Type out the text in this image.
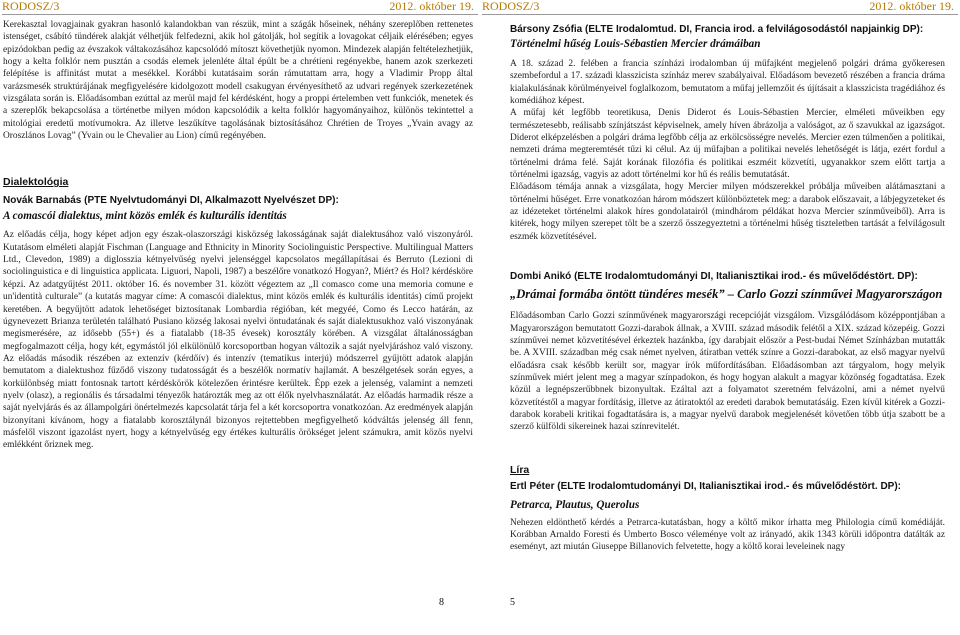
RODOSZ/3	2012. október 19.

Kerekasztal lovagjainak gyakran hasonló kalandokban van részük, mint a szágák hőseinek, néhány szereplőben rettenetes istenséget, csábító tündérek alakját vélhetjük felfedezni, akik hol gátolják, hol segítik a lovagokat céljaik elérésében; egyes epizódokban pedig az évszakok váltakozásához kapcsolódó mítoszt követhetjük nyomon. Mindezek alapján feltételezhetjük, hogy a kelta folklór nem pusztán a csodás elemek jelenléte által épült be a chrétieni regényekbe, hanem azok szerkezeti felépítése is affinitást mutat a mesékkel. Korábbi kutatásaim során rámutattam arra, hogy a Vladimir Propp által varázsmesék struktúrájának megfigyelésére kidolgozott modell csakugyan érvényesíthető az udvari regények szerkezetének vizsgálata során is. Előadásomban ezúttal az merül majd fel kérdésként, hogy a proppi értelemben vett funkciók, menetek és a szereplők bekapcsolása a történetbe milyen módon kapcsolódik a kelta folklór hagyományaihoz, különös tekintettel a mitológiai eredetű motívumokra. Az illetve leszűkítve tagolásának biztosításához Chrétien de Troyes „Yvain avagy az Oroszlános Lovag” (Yvain ou le Chevalier au Lion) című regényében.

Dialektológia

Novák Barnabás (PTE Nyelvtudományi DI, Alkalmazott Nyelvészet DP):

A comascói dialektus, mint közös emlék és kulturális identitás

Az előadás célja, hogy képet adjon egy észak-olaszországi kisközség lakosságának saját dialektusához való viszonyáról. Kutatásom elméleti alapját Fischman (Language and Ethnicity in Minority Sociolinguistic Perspective. Multilingual Matters Ltd., Clevedon, 1989) a diglosszia kétnyelvűség nyelvi jelenséggel kapcsolatos megállapításai és Berruto (Lezioni di sociolinguistica e di linguistica applicata. Liguori, Napoli, 1987) a beszélőre vonatkozó Hogyan?, Miért? és Hol? kérdésköre képzi. Az adatgyűjtést 2011. október 16. és november 31. között végeztem az „Il comasco come una memoria comune e un'identità culturale” (a kutatás magyar címe: A comascói dialektus, mint közös emlék és kulturális identitás) című projekt keretében. A begyűjtött adatok lehetőséget biztosítanak Lombardia régióban, két megyéé, Como és Lecco határán, az úgynevezett Brianza területén található Pusiano község lakosai nyelvi öntudatának és saját dialektusukhoz való viszonyának megismerésére, az idősebb (55+) és a fiatalabb (18-35 évesek) korosztály körében. A vizsgálat általánosságban megfogalmazott célja, hogy két, egymástól jól elkülönülő korcsoportban hogyan változik a saját nyelvjáráshoz való viszony. Az előadás második részében az extenzív (kérdőív) és intenzív (tematikus interjú) módszerrel gyűjtött adatok alapján bemutatom a dialektushoz fűződő viszony tudatosságát és a beszélők normatív hajlamát. A beszélgetések során egyes, a korkülönbség miatt fontosnak tartott kérdéskörök kötelezően érintésre kerültek. Épp ezek a jelenség, valamint a nemzeti nyelv (olasz), a regionális és társadalmi tényezők határozták meg az ott élők nyelvhasználatát. Az előadás harmadik része a saját nyelvjárás és az állampolgári önértelmezés kapcsolatát tárja fel a két korcsoportra vonatkozóan. Az eredmények alapján bizonyítani kívánom, hogy a fiatalabb korosztálynál bizonyos rejtettebben megfigyelhető kódváltás jelenség áll fenn, másfelől viszont igazolást nyert, hogy a kétnyelvűség egy értékes kulturális örökséget jelent számukra, amit közös nyelvi emlékként őriznek meg.

8
RODOSZ/3	2012. október 19.

Bársony Zsófia (ELTE Irodalomtud. DI, Francia irod. a felvilágosodástól napjainkig DP):

Történelmi hűség Louis-Sébastien Mercier drámáiban

A 18. század 2. felében a francia színházi irodalomban új műfajként megjelenő polgári dráma győkeresen szembefordul a 17. századi klasszicista színház merev szabályaival. Előadásom bevezető részében a francia dráma kialakulásának körülményeivel foglalkozom, bemutatom a műfaj jellemzőit és újításait a klasszicista tragédiához és komédiához képest.

A műfaj két legfőbb teoretikusa, Denis Diderot és Louis-Sébastien Mercier, elméleti műveikben egy természetesebb, reálisabb színjátszást képviselnek, amely híven ábrázolja a valóságot, az ő szavukkal az igazságot. Diderot elképzelésben a polgári dráma legfőbb célja az erkölcsösségre nevelés. Mercier ezen túlmenően a politikai, nemzeti dráma megteremtését tűzi ki célul. Az új műfajban a politikai nevelés lehetőségét is látja, ezért fordul a történelmi dráma felé. Saját korának filozófia és politikai eszméit közvetíti, ugyanakkor szem előtt tartja a történelmi igazság, vagyis az adott történelmi kor hű és reális bemutatását.

Előadásom témája annak a vizsgálata, hogy Mercier milyen módszerekkel próbálja műveiben alátámasztani a történelmi hűséget. Erre vonatkozóan három módszert különböztetek meg: a darabok előszavait, a lábjegyzeteket és az idézeteket történelmi alakok híres gondolatairól (mindhárom példákat hozva Mercier színműveiből). Arra is kitérek, hogy milyen szerepet tölt be a szerző összegyeztetni a történelmi hűség tiszteletben tartását a felvilágosult eszmék közvetítésével.

Dombi Anikó (ELTE Irodalomtudományi DI, Italianisztikai irod.- és művelődéstört. DP):

„Drámai formába öntött tündéres mesék” – Carlo Gozzi színművei Magyarországon

Előadásomban Carlo Gozzi színművének magyarországi recepcióját vizsgálom. Vizsgálódásom középpontjában a Magyarországon bemutatott Gozzi-darabok állnak, a XVIII. század második felétől a XIX. század közepéig. Gozzi színművei nemet közvetítésével érkeztek hazánkba, így darabjait először a Pest-budai Német Színházban mutatták be. A XVIII. században még csak német nyelven, átiratban vették színre a Gozzi-darabokat, az első magyar nyelvű előadásra csak később került sor, magyar írók műfordításában. Előadásomban azt tárgyalom, hogy melyik színművek miért jelent meg a magyar színpadokon, és hogy hogyan alakult a magyar közönség fogadtatása. Ezek közül a legnépszerűbbnek bizonyultak. Ezáltal azt a folyamatot szeretném felvázolni, ami a német nyelvű közvetítéstől a magyar fordításig, illetve az átiratoktól az eredeti darabok bemutatásáig. Ezen kívül kitérek a Gozzi-darabok korabeli kritikai fogadtatására is, a magyar nyelvű darabok megjelenését követően több útja szabott be a szerző külföldi sikereinek hazai színrevitelét.

Líra

Ertl Péter (ELTE Irodalomtudományi DI, Italianisztikai irod.- és művelődéstört. DP):

Petrarca, Plautus, Querolus

Nehezen eldönthető kérdés a Petrarca-kutatásban, hogy a költő mikor írhatta meg Philologia című komédiáját. Korábban Arnaldo Foresti és Umberto Bosco véleménye volt az irányadó, akik 1343 körüli időpontra datálták az eseményt, azt miután Giuseppe Billanovich felvetette, hogy a költő korai leveleinek nagy

5
